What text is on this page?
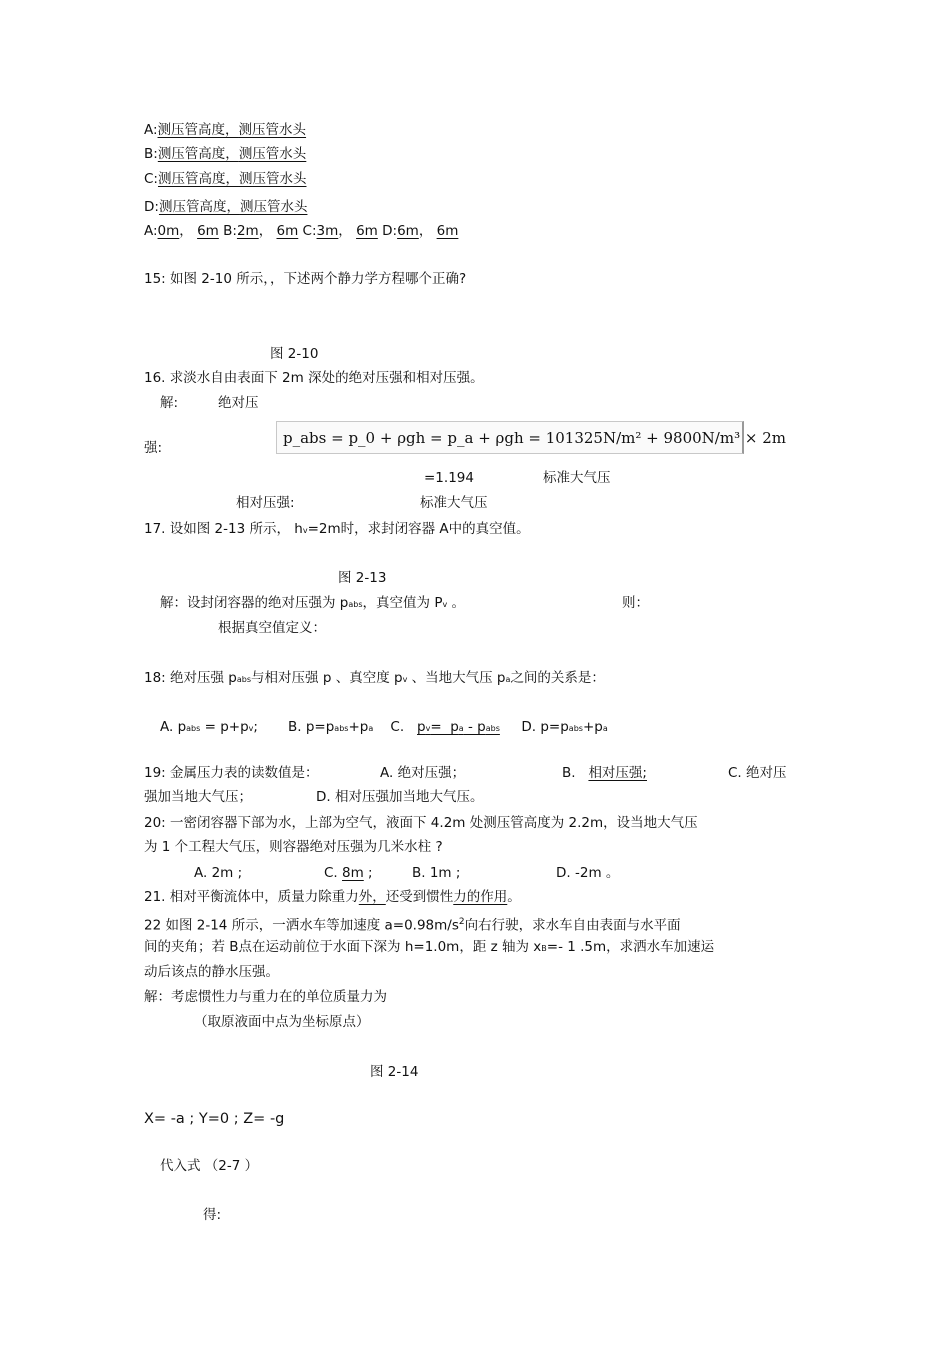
A:测压管高度，测压管水头
B:测压管高度，测压管水头
C:测压管高度，测压管水头
D:测压管高度，测压管水头
A:0m， 6m B:2m， 6m C:3m， 6m D:6m， 6m
15: 如图 2-10 所示，，下述两个静力学方程哪个正确?
图 2-10
16. 求淡水自由表面下 2m 深处的绝对压强和相对压强。
解:	绝对压
强:
p_abs = p_0 + ρgh = p_a + ρgh = 101325N/m² + 9800N/m³ × 2m
=1.194	标准大气压
相对压强:	标准大气压
17. 设如图 2-13 所示， hv=2m时，求封闭容器 A中的真空值。
图 2-13
解：设封闭容器的绝对压强为 pabs，真空值为 Pv 。	则：
根据真空值定义：
18: 绝对压强 pabs与相对压强 p 、真空度 pv 、当地大气压 pa之间的关系是：
A. pabs = p+pv;       B. p=pabs+pa C. pv=  pa - pabs D. p=pabs+pa
19: 金属压力表的读数值是：	A. 绝对压强；	B. 相对压强;	C. 绝对压
强加当地大气压；	D. 相对压强加当地大气压。
20: 一密闭容器下部为水，上部为空气，液面下 4.2m 处测压管高度为 2.2m，设当地大气压
为 1 个工程大气压，则容器绝对压强为几米水柱 ?
A. 2m ;	C. 8m ;	B. 1m ;	D. -2m 。
21. 相对平衡流体中，质量力除重力外，还受到惯性力的作用。
22 如图 2-14 所示，一洒水车等加速度 $a=0.98m/s^2$向右行驶，求水车自由表面与水平面
间的夹角；若 B点在运动前位于水面下深为 h=1.0m，距 z 轴为 xB=- 1 .5m，求洒水车加速运
动后该点的静水压强。
解：考虑惯性力与重力在的单位质量力为
（取原液面中点为坐标原点）
图 2-14
X= -a ; Y=0 ; Z= -g
代入式 （2-7 ）
得:
